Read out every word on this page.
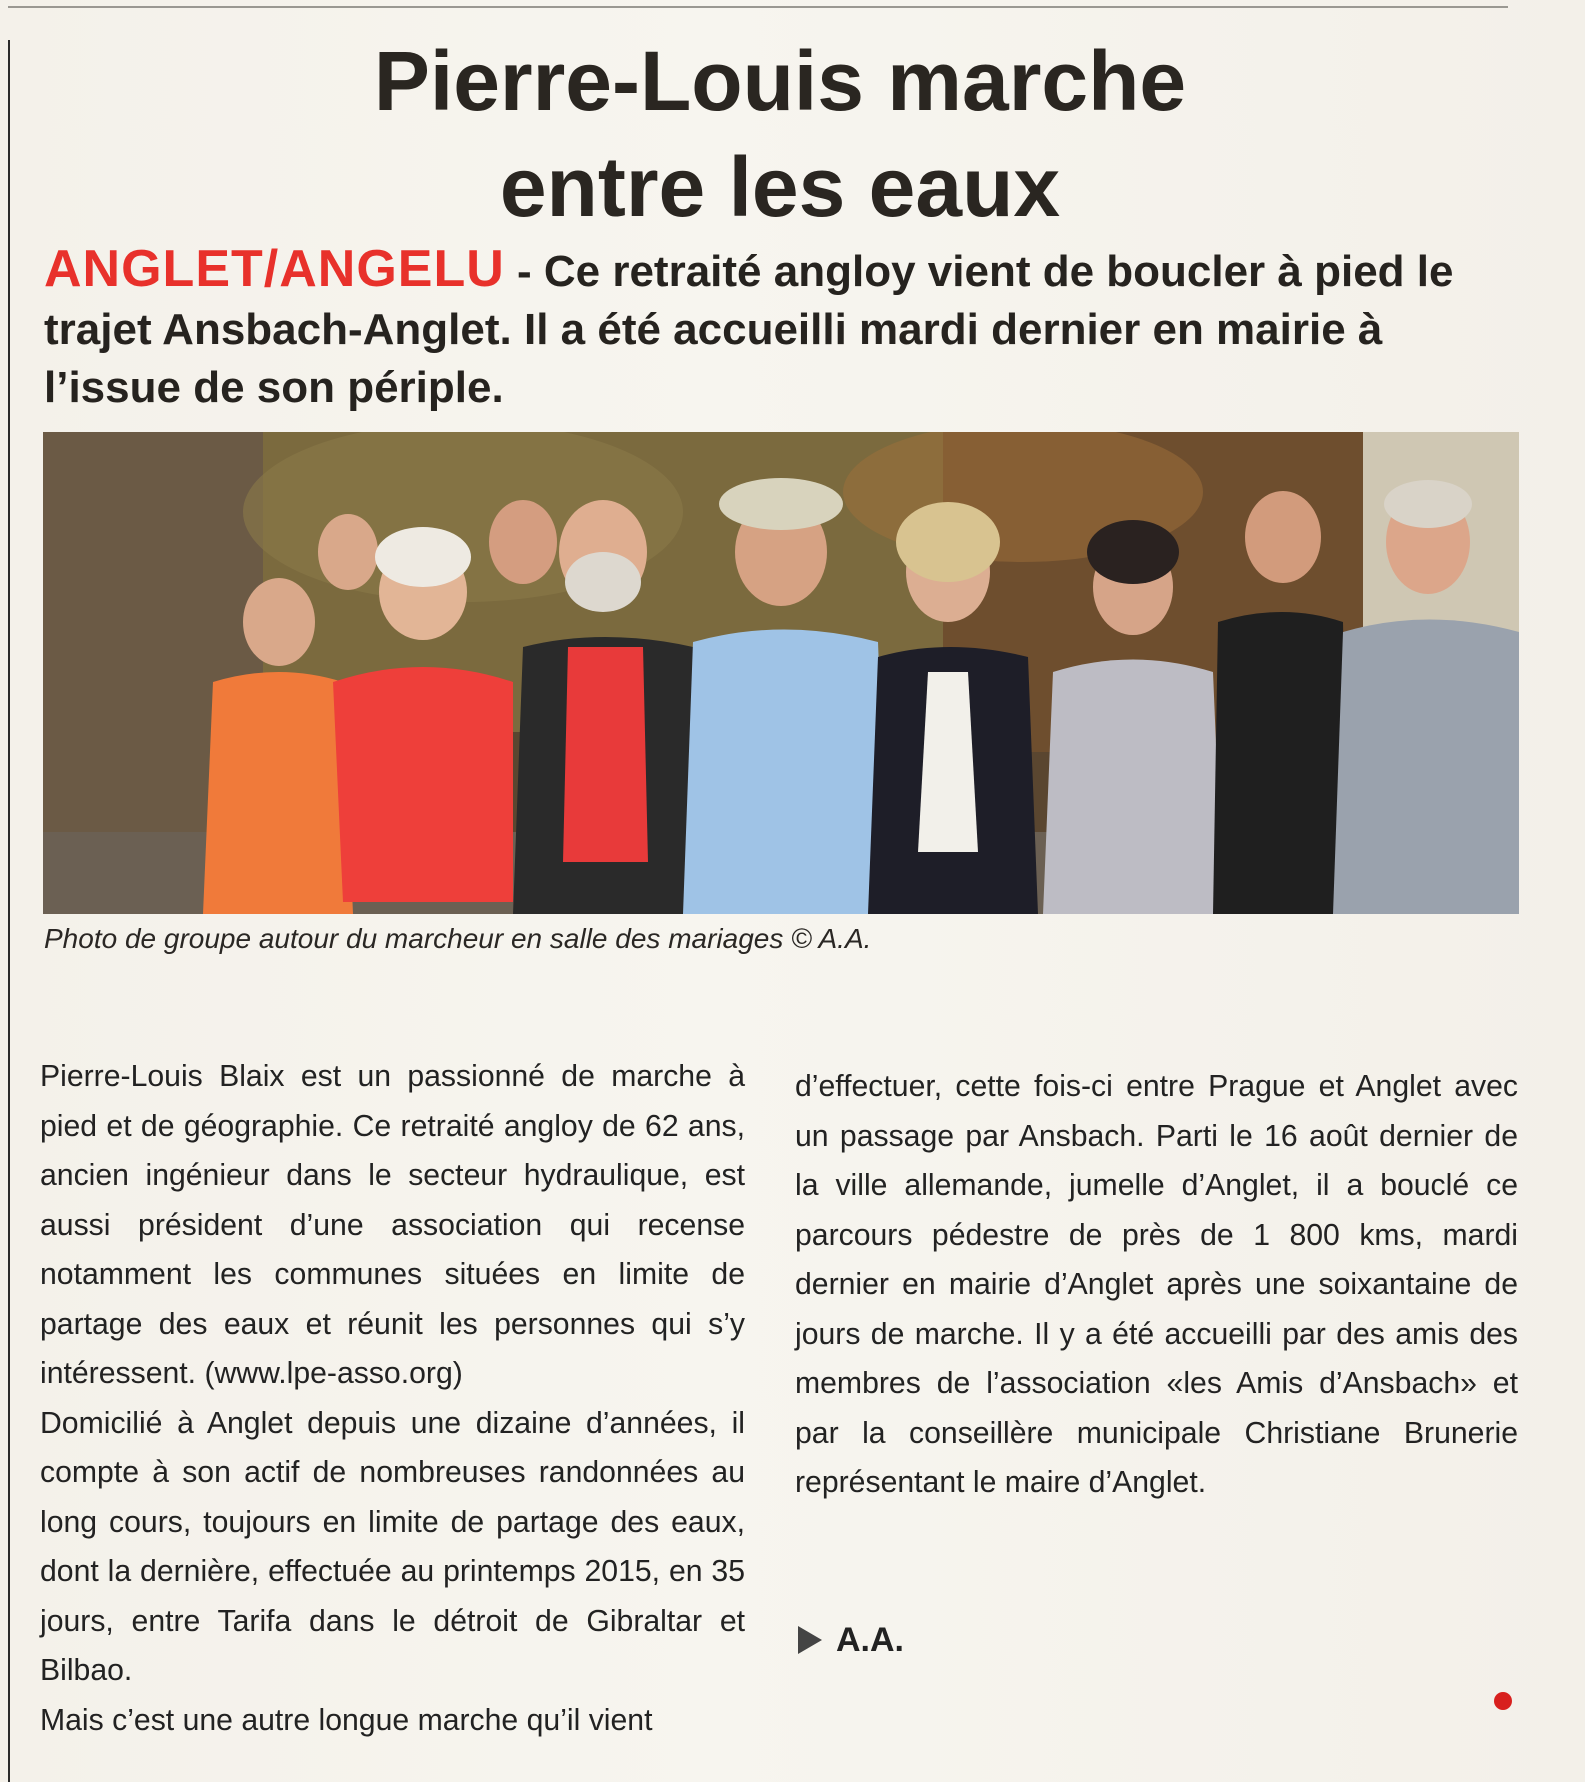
Pierre-Louis marche
entre les eaux

ANGLET/ANGELU - Ce retraité angloy vient de boucler à pied le trajet Ansbach-Anglet. Il a été accueilli mardi dernier en mairie à l’issue de son périple.

Photo de groupe autour du marcheur en salle des mariages © A.A.

Pierre-Louis Blaix est un passionné de marche à pied et de géographie. Ce retraité angloy de 62 ans, ancien ingénieur dans le secteur hydraulique, est aussi président d’une association qui recense notamment les communes situées en limite de partage des eaux et réunit les personnes qui s’y intéressent. (www.lpe-asso.org)

Domicilié à Anglet depuis une dizaine d’années, il compte à son actif de nombreuses randonnées au long cours, toujours en limite de partage des eaux, dont la dernière, effectuée au printemps 2015, en 35 jours, entre Tarifa dans le détroit de Gibraltar et Bilbao.

Mais c’est une autre longue marche qu’il vient

d’effectuer, cette fois-ci entre Prague et Anglet avec un passage par Ansbach. Parti le 16 août dernier de la ville allemande, jumelle d’Anglet, il a bouclé ce parcours pédestre de près de 1 800 kms, mardi dernier en mairie d’Anglet après une soixantaine de jours de marche. Il y a été accueilli par des amis des membres de l’association «les Amis d’Ansbach» et par la conseillère municipale Christiane Brunerie représentant le maire d’Anglet.

A.A.
